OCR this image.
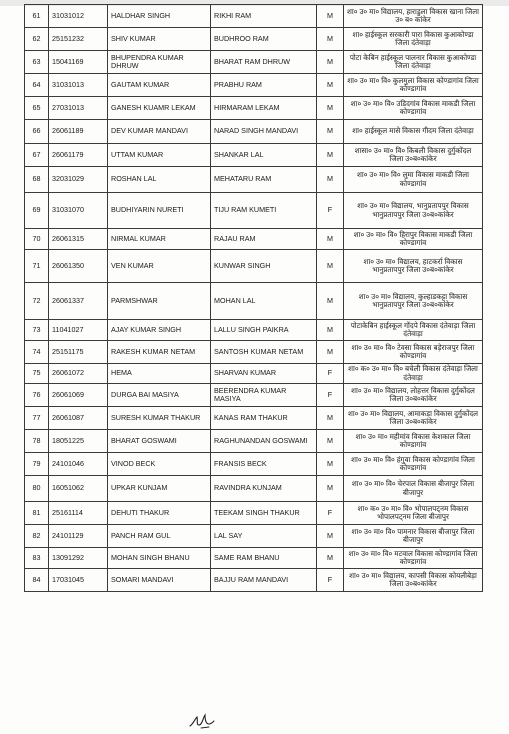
61	31031012	HALDHAR SINGH	RIKHI RAM	M	शा० उ० मा० विद्यालय, हाराडुला विकास खाना जिला उ० ब० कांकेर
62	25151232	SHIV KUMAR	BUDHROO RAM	M	शा० हाईस्कूल सरकारी पारा विकास कुआकोण्डा जिला दंतेवाड़ा
63	15041169	BHUPENDRA KUMAR DHRUW	BHARAT RAM DHRUW	M	पोटा केबिन हाईस्कूल पालनार विकास कुआकोण्डा जिला दंतेवाड़ा
64	31031013	GAUTAM KUMAR	PRABHU RAM	M	शा० उ० मा० वि० कुलमुला विकास कोण्डागांव जिला कोण्डागांव
65	27031013	GANESH KUAMR LEKAM	HIRMARAM LEKAM	M	शा० उ० मा० वि० उडिदगांव विकास माकडी जिला कोण्डागांव
66	26061189	DEV KUMAR MANDAVI	NARAD SINGH MANDAVI	M	शा० हाईस्कूल मासे विकास गीदम जिला दंतेवाड़ा
67	26061179	UTTAM KUMAR	SHANKAR LAL	M	शासा० उ० मा० वि० किबली विकास दुर्गुकोंदल जिला उ०ब०कांकेर
68	32031029	ROSHAN LAL	MEHATARU RAM	M	शा० उ० मा० वि० लुमा विकास माकडी जिला कोण्डागांव
69	31031070	BUDHIYARIN NURETI	TIJU RAM KUMETI	F	शा० उ० मा० विद्यालय, भानुप्रतापपुर विकास भानुप्रतापपुर जिला उ०ब०कांकेर
70	26061315	NIRMAL KUMAR	RAJAU RAM	M	शा० उ० मा० वि० हिरापुर विकास माकडी जिला कोण्डागांव
71	26061350	VEN KUMAR	KUNWAR SINGH	M	शा० उ० मा० विद्यालय, हाटकर्रा विकास भानुप्रतापपुर जिला उ०ब०कांकेर
72	26061337	PARMSHWAR	MOHAN LAL	M	शा० उ० मा० विद्यालय, कुल्हाडकट्टा विकास भानुप्रतापपुर जिला उ०ब०कांकेर
73	11041027	AJAY KUMAR SINGH	LALLU SINGH PAIKRA	M	पोटाकेबिन हाईस्कूल गोंदपे विकास दंतेवाड़ा जिला दंतेवाड़ा
74	25151175	RAKESH KUMAR NETAM	SANTOSH KUMAR NETAM	M	शा० उ० मा० वि० टेवसा विकास बड़ेराजपुर जिला कोण्डागांव
75	26061072	HEMA	SHARVAN KUMAR	F	शा० क० उ० मा० वि० बचेली विकास दंतेवाड़ा जिला दंतेवाड़ा
76	26061069	DURGA BAI MASIYA	BEERENDRA KUMAR MASIYA	F	शा० उ० मा० विद्यालय, लोहत्तर विकास दुर्गुकोंदल जिला उ०ब०कांकेर
77	26061087	SURESH KUMAR THAKUR	KANAS RAM THAKUR	M	शा० उ० मा० विद्यालय, आमाकड़ा विकास दुर्गुकोंदल जिला उ०ब०कांकेर
78	18051225	BHARAT GOSWAMI	RAGHUNANDAN GOSWAMI	M	शा० उ० मा० महीमांव विकास केशकाल जिला कोण्डागांव
79	24101046	VINOD BECK	FRANSIS BECK	M	शा० उ० मा० वि० हंगुवा विकास कोण्डागांव जिला कोण्डागांव
80	16051062	UPKAR KUNJAM	RAVINDRA KUNJAM	M	शा० उ० मा० वि० चेरपाल विकास बीजापुर जिला बीजापुर
81	25161114	DEHUTI THAKUR	TEEKAM SINGH THAKUR	F	शा० क० उ० मा० वि० भोपालपट्नम विकास भोपालपट्नम जिला बीजापुर
82	24101129	PANCH RAM GUL	LAL SAY	M	शा० उ० मा० वि० पामनार विकास बीजापुर जिला बीजापुर
83	13091292	MOHAN SINGH BHANU	SAME RAM BHANU	M	शा० उ० मा० वि० मटवाल विकास कोण्डागांव जिला कोण्डागांव
84	17031045	SOMARI MANDAVI	BAJJU RAM MANDAVI	F	शा० उ० मा० विद्यालय, कापसी विकास कोयलीबेड़ा जिला उ०ब०कांकेर
